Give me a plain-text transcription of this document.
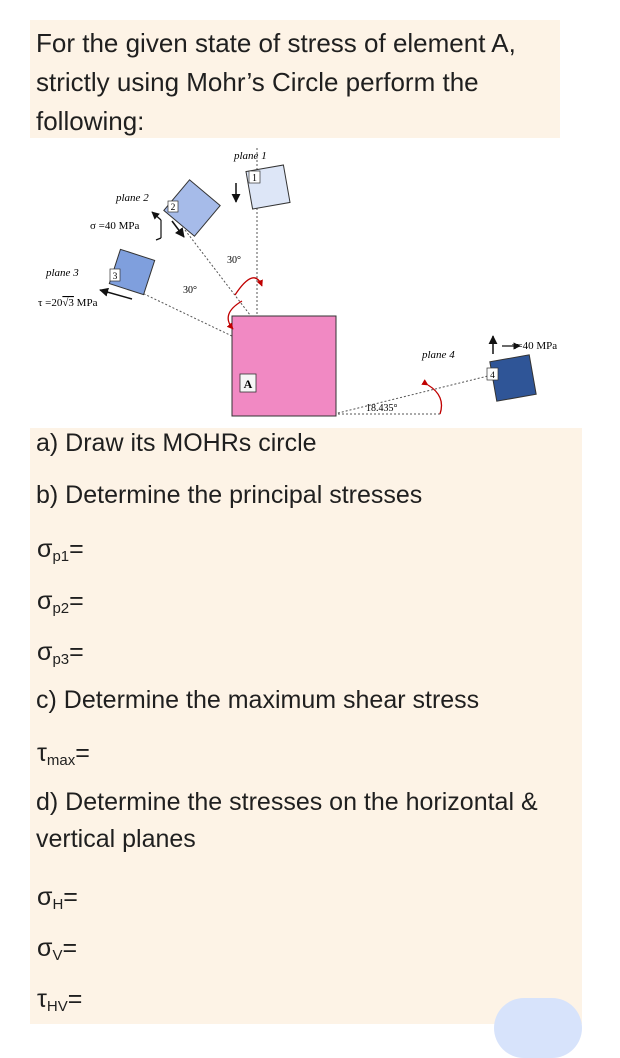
For the given state of stress of element A,
strictly using Mohr’s Circle perform the
following:
A
plane 1
1
plane 2
σ =40 MPa
2
plane 3
τ =20√3 MPa
3
30°
30°
plane 4
τ=40 MPa
4
18.435°
a) Draw its MOHRs circle
b) Determine the principal stresses
$\sigma_{p1}=$
$\sigma_{p2}=$
$\sigma_{p3}=$
c) Determine the maximum shear stress
$\tau_{max}=$
d) Determine the stresses on the horizontal & vertical planes
$\sigma_H=$
$\sigma_V=$
$\tau_{HV}=$
